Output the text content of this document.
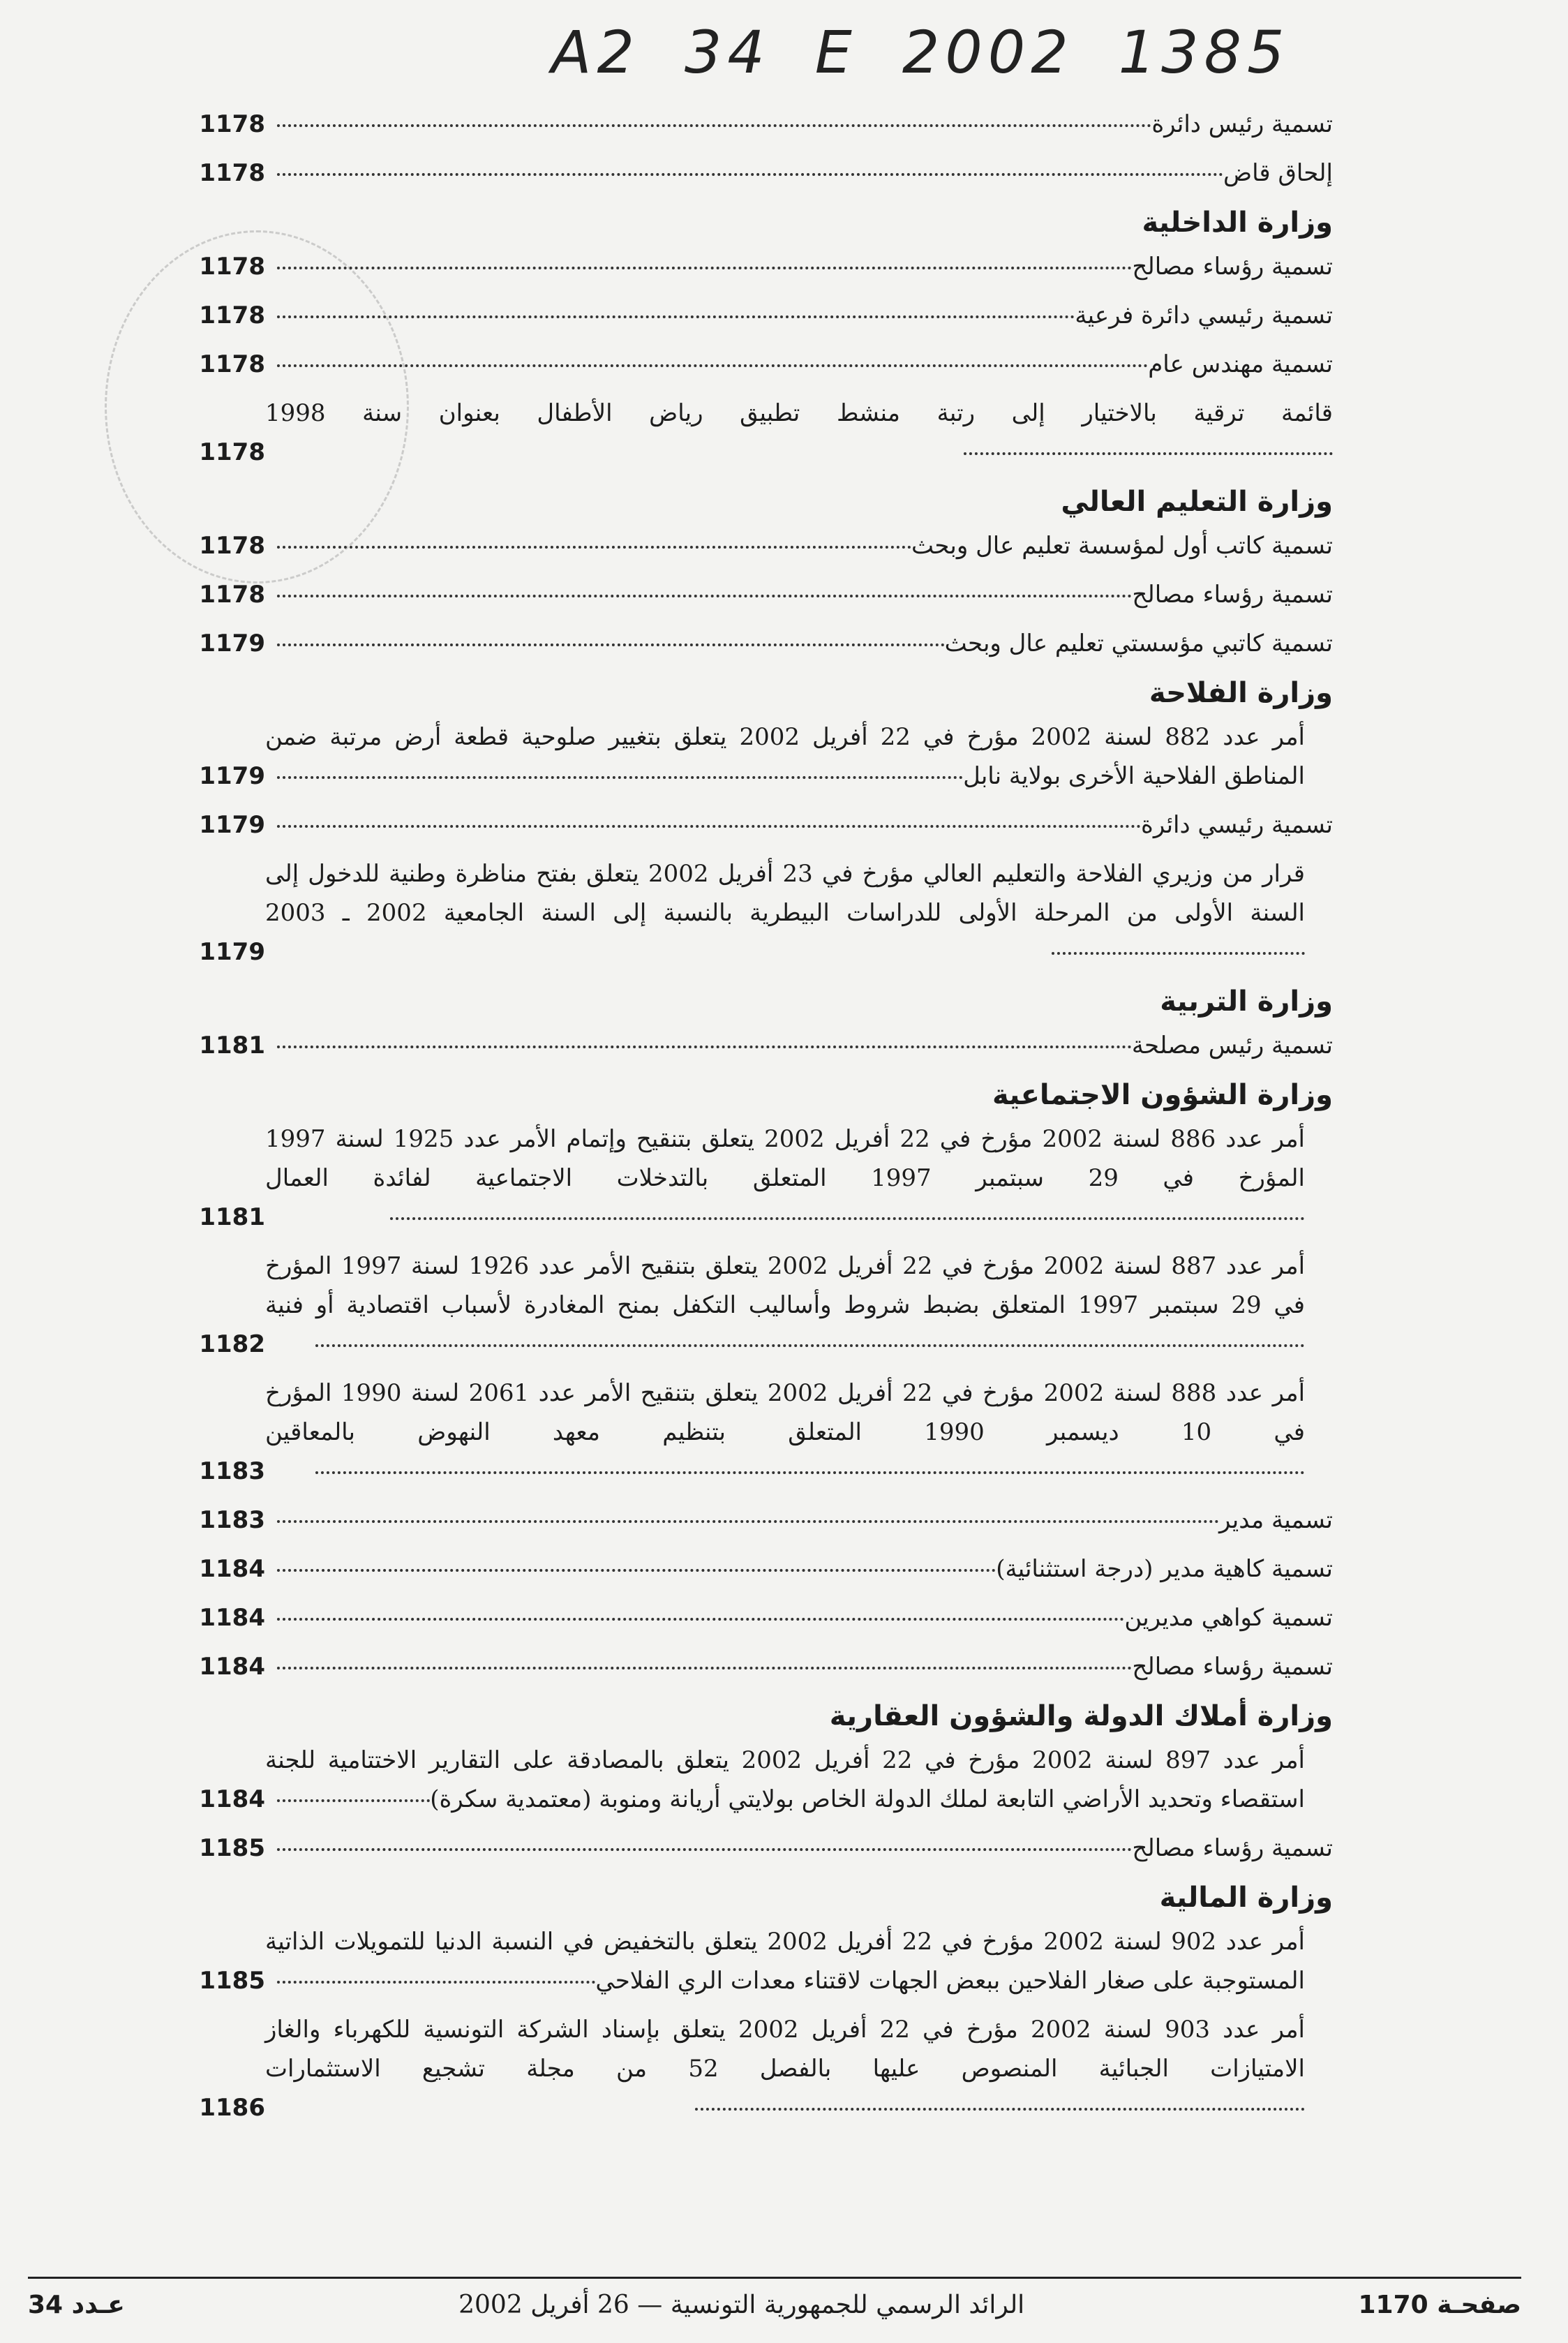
A2 34 E 2002 1385
تسمية رئيس دائرة
1178
إلحاق قاض
1178
وزارة الداخلية
تسمية رؤساء مصالح
1178
تسمية رئيسي دائرة فرعية
1178
تسمية مهندس عام
1178
قائمة ترقية بالاختيار إلى رتبة منشط تطبيق رياض الأطفال بعنوان سنة 1998
1178
وزارة التعليم العالي
تسمية كاتب أول لمؤسسة تعليم عال وبحث
1178
تسمية رؤساء مصالح
1178
تسمية كاتبي مؤسستي تعليم عال وبحث
1179
وزارة الفلاحة
أمر عدد 882 لسنة 2002 مؤرخ في 22 أفريل 2002 يتعلق بتغيير صلوحية قطعة أرض مرتبة ضمن المناطق الفلاحية الأخرى بولاية نابل
1179
تسمية رئيسي دائرة
1179
قرار من وزيري الفلاحة والتعليم العالي مؤرخ في 23 أفريل 2002 يتعلق بفتح مناظرة وطنية للدخول إلى السنة الأولى من المرحلة الأولى للدراسات البيطرية بالنسبة إلى السنة الجامعية 2002 ـ 2003
1179
وزارة التربية
تسمية رئيس مصلحة
1181
وزارة الشؤون الاجتماعية
أمر عدد 886 لسنة 2002 مؤرخ في 22 أفريل 2002 يتعلق بتنقيح وإتمام الأمر عدد 1925 لسنة 1997 المؤرخ في 29 سبتمبر 1997 المتعلق بالتدخلات الاجتماعية لفائدة العمال
1181
أمر عدد 887 لسنة 2002 مؤرخ في 22 أفريل 2002 يتعلق بتنقيح الأمر عدد 1926 لسنة 1997 المؤرخ في 29 سبتمبر 1997 المتعلق بضبط شروط وأساليب التكفل بمنح المغادرة لأسباب اقتصادية أو فنية
1182
أمر عدد 888 لسنة 2002 مؤرخ في 22 أفريل 2002 يتعلق بتنقيح الأمر عدد 2061 لسنة 1990 المؤرخ في 10 ديسمبر 1990 المتعلق بتنظيم معهد النهوض بالمعاقين
1183
تسمية مدير
1183
تسمية كاهية مدير (درجة استثنائية)
1184
تسمية كواهي مديرين
1184
تسمية رؤساء مصالح
1184
وزارة أملاك الدولة والشؤون العقارية
أمر عدد 897 لسنة 2002 مؤرخ في 22 أفريل 2002 يتعلق بالمصادقة على التقارير الاختتامية للجنة استقصاء وتحديد الأراضي التابعة لملك الدولة الخاص بولايتي أريانة ومنوبة (معتمدية سكرة)
1184
تسمية رؤساء مصالح
1185
وزارة المالية
أمر عدد 902 لسنة 2002 مؤرخ في 22 أفريل 2002 يتعلق بالتخفيض في النسبة الدنيا للتمويلات الذاتية المستوجبة على صغار الفلاحين ببعض الجهات لاقتناء معدات الري الفلاحي
1185
أمر عدد 903 لسنة 2002 مؤرخ في 22 أفريل 2002 يتعلق بإسناد الشركة التونسية للكهرباء والغاز الامتيازات الجبائية المنصوص عليها بالفصل 52 من مجلة تشجيع الاستثمارات
1186
عـدد 34	الرائد الرسمي للجمهورية التونسية — 26 أفريل 2002	صفحـة 1170
